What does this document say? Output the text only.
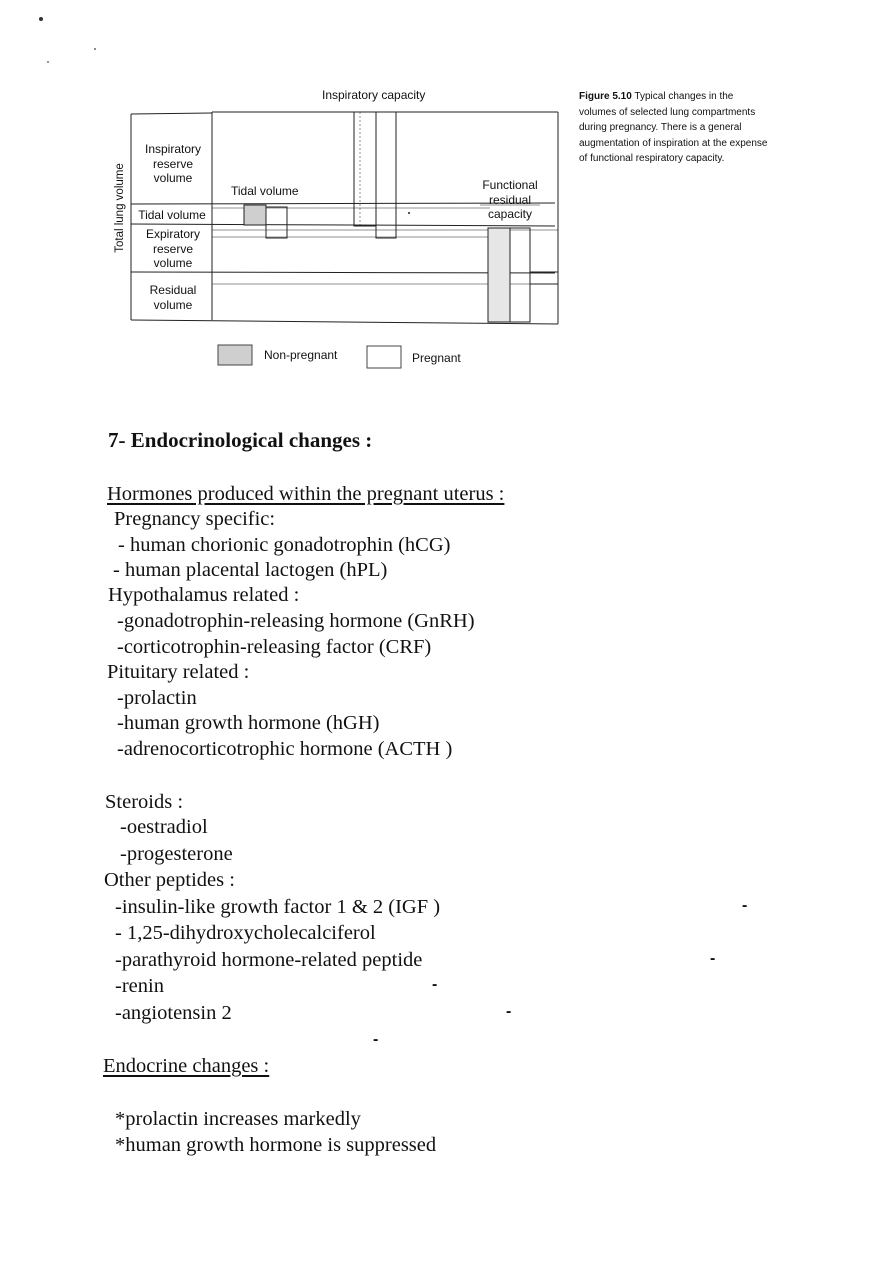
Total lung volume
Inspiratory capacity
Inspiratory
reserve
volume
Tidal volume
Expiratory
reserve
volume
Residual
volume
Tidal volume	Functional
residual
capacity
Non-pregnant	Pregnant
Figure 5.10 Typical changes in the volumes of selected lung compartments during pregnancy. There is a general augmentation of inspiration at the expense of functional respiratory capacity.
7- Endocrinological changes :
Hormones produced within the pregnant uterus :
Pregnancy specific:
- human chorionic gonadotrophin (hCG)
- human placental lactogen (hPL)
Hypothalamus related :
-gonadotrophin-releasing hormone (GnRH)
-corticotrophin-releasing factor (CRF)
Pituitary related :
-prolactin
-human growth hormone (hGH)
-adrenocorticotrophic hormone (ACTH )
Steroids :
-oestradiol
-progesterone
Other peptides :
-insulin-like growth factor 1 & 2 (IGF )
- 1,25-dihydroxycholecalciferol
-parathyroid hormone-related peptide
-renin
-angiotensin 2
-
-
-
-
-
Endocrine changes :
*prolactin increases markedly
*human growth hormone is suppressed
